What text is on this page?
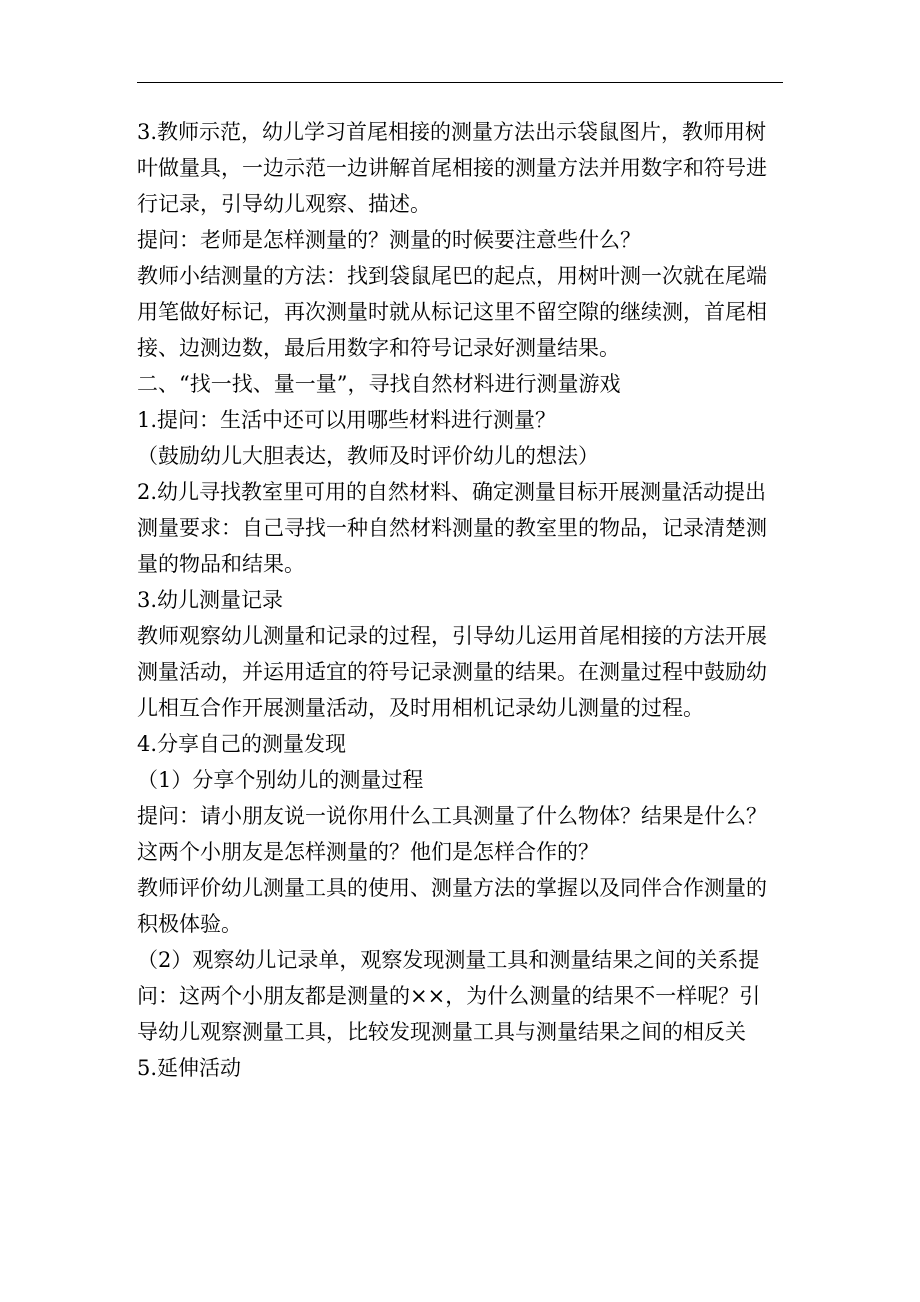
3.教师示范，幼儿学习首尾相接的测量方法出示袋鼠图片，教师用树
叶做量具，一边示范一边讲解首尾相接的测量方法并用数字和符号进
行记录，引导幼儿观察、描述。
提问：老师是怎样测量的？测量的时候要注意些什么？
教师小结测量的方法：找到袋鼠尾巴的起点，用树叶测一次就在尾端
用笔做好标记，再次测量时就从标记这里不留空隙的继续测，首尾相
接、边测边数，最后用数字和符号记录好测量结果。
二、“找一找、量一量”，寻找自然材料进行测量游戏
1.提问：生活中还可以用哪些材料进行测量？
（鼓励幼儿大胆表达，教师及时评价幼儿的想法）
2.幼儿寻找教室里可用的自然材料、确定测量目标开展测量活动提出
测量要求：自己寻找一种自然材料测量的教室里的物品，记录清楚测
量的物品和结果。
3.幼儿测量记录
教师观察幼儿测量和记录的过程，引导幼儿运用首尾相接的方法开展
测量活动，并运用适宜的符号记录测量的结果。在测量过程中鼓励幼
儿相互合作开展测量活动，及时用相机记录幼儿测量的过程。
4.分享自己的测量发现
（1）分享个别幼儿的测量过程
提问：请小朋友说一说你用什么工具测量了什么物体？结果是什么？
这两个小朋友是怎样测量的？他们是怎样合作的？
教师评价幼儿测量工具的使用、测量方法的掌握以及同伴合作测量的
积极体验。
（2）观察幼儿记录单，观察发现测量工具和测量结果之间的关系提
问：这两个小朋友都是测量的××，为什么测量的结果不一样呢？引
导幼儿观察测量工具，比较发现测量工具与测量结果之间的相反关
5.延伸活动
